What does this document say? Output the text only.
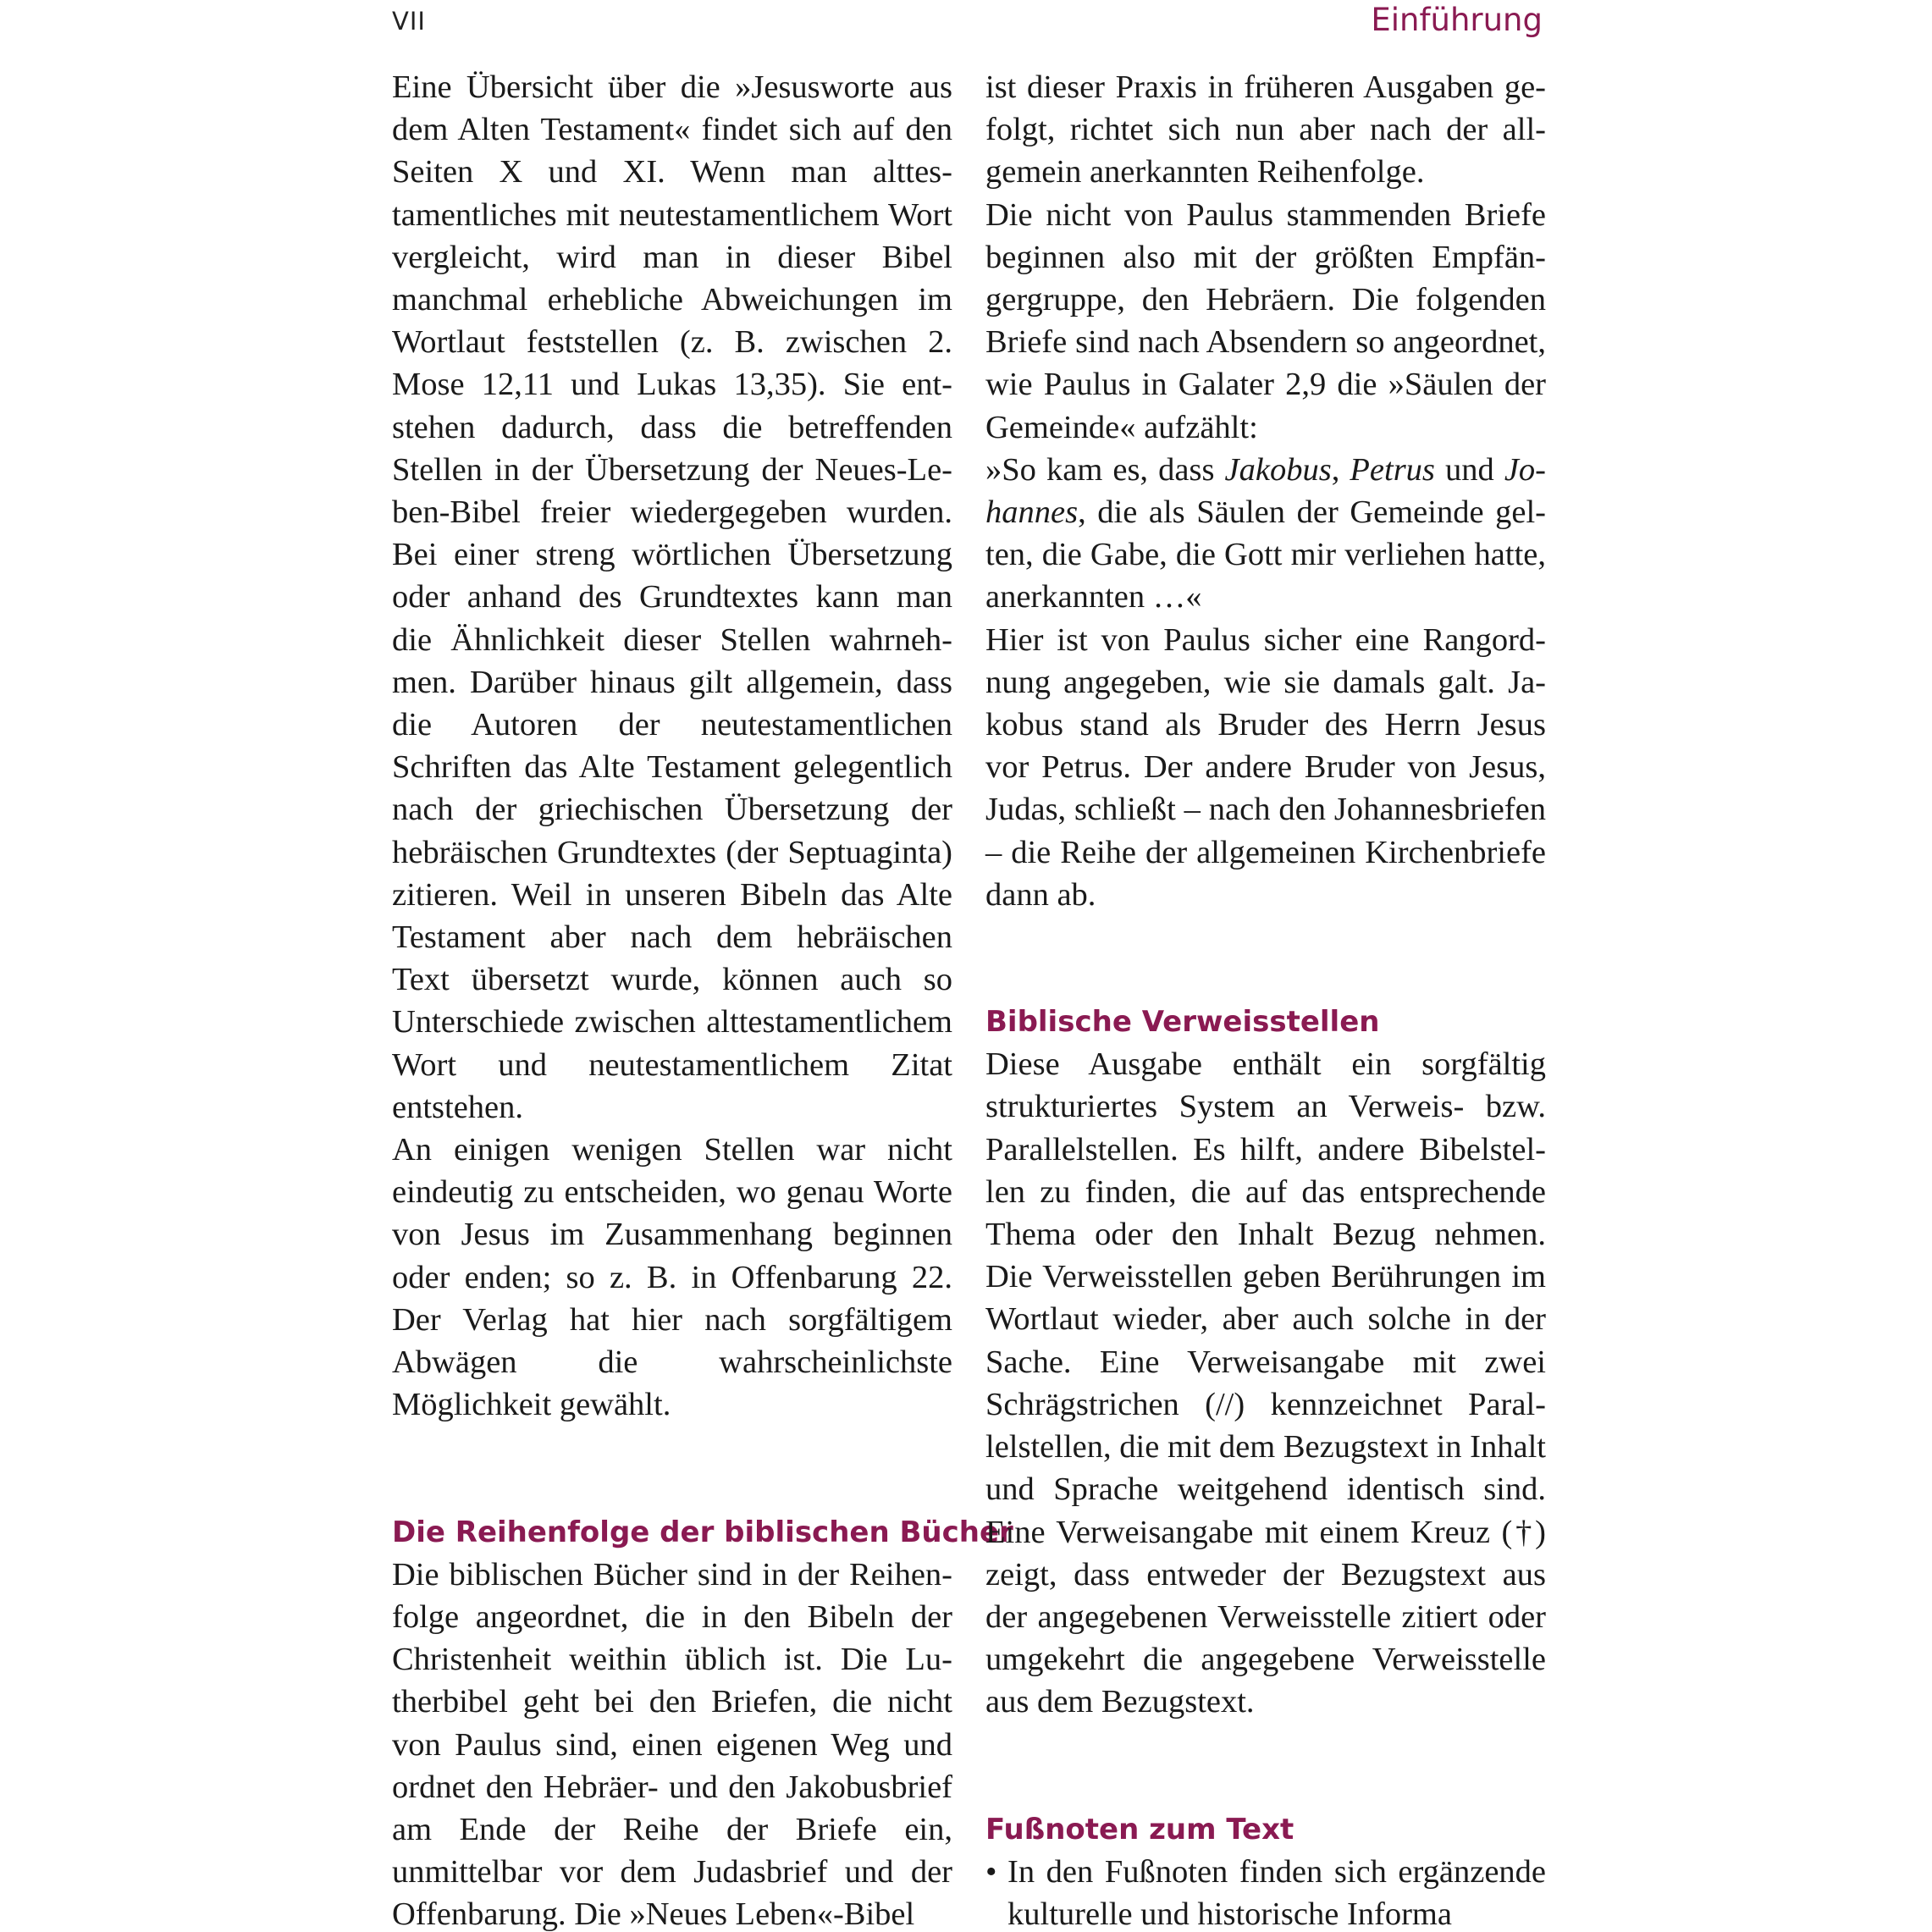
VII	Einführung

Eine Übersicht über die »Jesusworte aus dem Alten Testament« findet sich auf den Seiten X und XI. Wenn man alttestamentliches mit neutestamentlichem Wort vergleicht, wird man in dieser Bibel manchmal erhebliche Abweichungen im Wortlaut feststellen (z. B. zwischen 2. Mose 12,11 und Lukas 13,35). Sie entstehen dadurch, dass die betreffenden Stellen in der Übersetzung der Neues-Leben-Bibel freier wiedergegeben wurden. Bei einer streng wörtlichen Übersetzung oder anhand des Grundtextes kann man die Ähnlichkeit dieser Stellen wahrnehmen. Darüber hinaus gilt allgemein, dass die Autoren der neutestamentlichen Schriften das Alte Testament gelegentlich nach der griechischen Übersetzung der hebräischen Grundtextes (der Septuaginta) zitieren. Weil in unseren Bibeln das Alte Testament aber nach dem hebräischen Text übersetzt wurde, können auch so Unterschiede zwischen alttestamentlichem Wort und neutestamentlichem Zitat entstehen.

An einigen wenigen Stellen war nicht eindeutig zu entscheiden, wo genau Worte von Jesus im Zusammenhang beginnen oder enden; so z. B. in Offenbarung 22. Der Verlag hat hier nach sorgfältigem Abwägen die wahrscheinlichste Möglichkeit gewählt.

Die Reihenfolge der biblischen Bücher

Die biblischen Bücher sind in der Reihenfolge angeordnet, die in den Bibeln der Christenheit weithin üblich ist. Die Lutherbibel geht bei den Briefen, die nicht von Paulus sind, einen eigenen Weg und ordnet den Hebräer- und den Jakobusbrief am Ende der Reihe der Briefe ein, unmittelbar vor dem Judasbrief und der Offenbarung. Die »Neues Leben«-Bibel

ist dieser Praxis in früheren Ausgaben gefolgt, richtet sich nun aber nach der allgemein anerkannten Reihenfolge.

Die nicht von Paulus stammenden Briefe beginnen also mit der größten Empfängergruppe, den Hebräern. Die folgenden Briefe sind nach Absendern so angeordnet, wie Paulus in Galater 2,9 die »Säulen der Gemeinde« aufzählt:

»So kam es, dass Jakobus, Petrus und Johannes, die als Säulen der Gemeinde gelten, die Gabe, die Gott mir verliehen hatte, anerkannten …«

Hier ist von Paulus sicher eine Rangordnung angegeben, wie sie damals galt. Jakobus stand als Bruder des Herrn Jesus vor Petrus. Der andere Bruder von Jesus, Judas, schließt – nach den Johannesbriefen – die Reihe der allgemeinen Kirchenbriefe dann ab.

Biblische Verweisstellen

Diese Ausgabe enthält ein sorgfältig strukturiertes System an Verweis- bzw. Parallelstellen. Es hilft, andere Bibelstellen zu finden, die auf das entsprechende Thema oder den Inhalt Bezug nehmen. Die Verweisstellen geben Berührungen im Wortlaut wieder, aber auch solche in der Sache. Eine Verweisangabe mit zwei Schrägstrichen (//) kennzeichnet Parallelstellen, die mit dem Bezugstext in Inhalt und Sprache weitgehend identisch sind. Eine Verweisangabe mit einem Kreuz (†) zeigt, dass entweder der Bezugstext aus der angegebenen Verweisstelle zitiert oder umgekehrt die angegebene Verweisstelle aus dem Bezugstext.

Fußnoten zum Text
• In den Fußnoten finden sich ergänzende kulturelle und historische Informa
